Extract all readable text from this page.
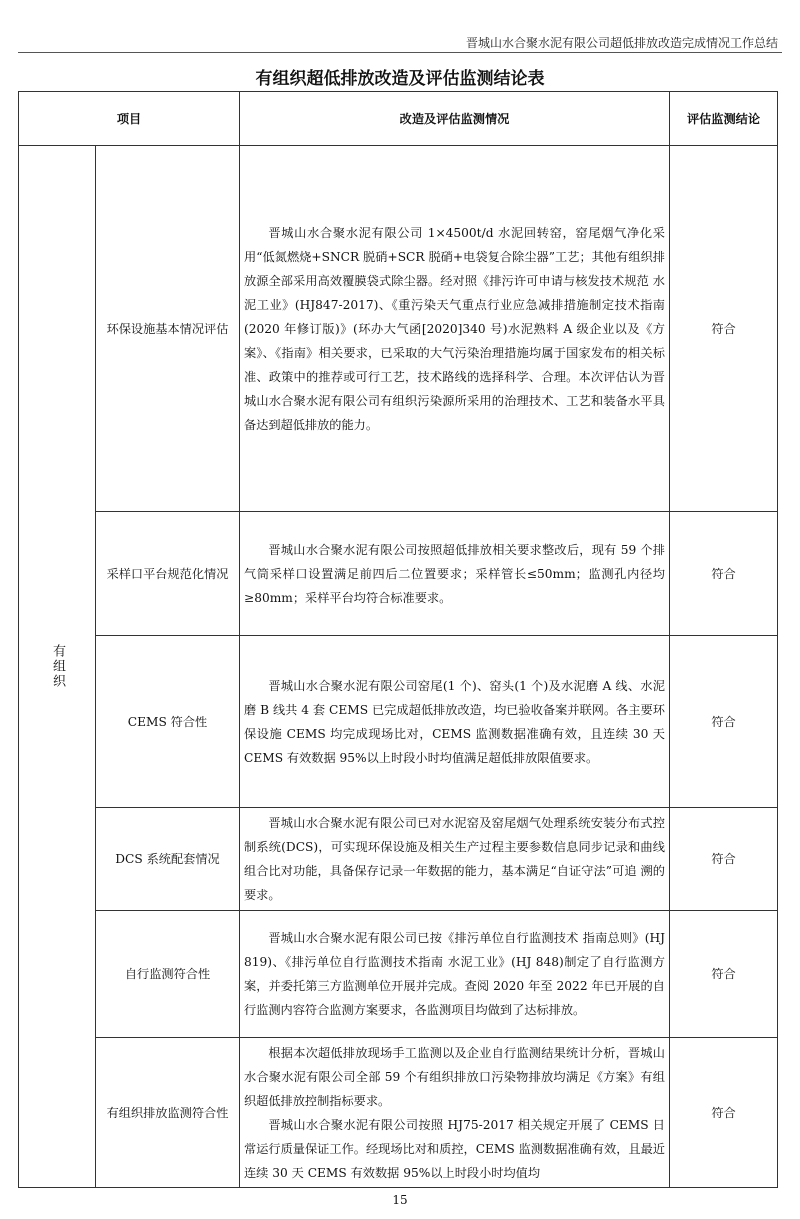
晋城山水合聚水泥有限公司超低排放改造完成情况工作总结
有组织超低排放改造及评估监测结论表
项目		改造及评估监测情况	评估监测结论

有组织	环保设施基本情况评估	晋城山水合聚水泥有限公司 1×4500t/d 水泥回转窑，窑尾烟气净化采用“低氮燃烧+SNCR 脱硝+SCR 脱硝+电袋复合除尘器”工艺；其他有组织排放源全部采用高效覆膜袋式除尘器。经对照《排污许可申请与核发技术规范 水泥工业》(HJ847-2017)、《重污染天气重点行业应急减排措施制定技术指南(2020 年修订版)》(环办大气函[2020]340 号)水泥熟料 A 级企业以及《方案》、《指南》相关要求，已采取的大气污染治理措施均属于国家发布的相关标准、政策中的推荐或可行工艺，技术路线的选择科学、合理。本次评估认为晋城山水合聚水泥有限公司有组织污染源所采用的治理技术、工艺和装备水平具备达到超低排放的能力。	符合
	采样口平台规范化情况	晋城山水合聚水泥有限公司按照超低排放相关要求整改后，现有 59 个排气筒采样口设置满足前四后二位置要求；采样管长≤50mm；监测孔内径均≥80mm；采样平台均符合标准要求。	符合
	CEMS 符合性	晋城山水合聚水泥有限公司窑尾(1 个)、窑头(1 个)及水泥磨 A 线、水泥磨 B 线共 4 套 CEMS 已完成超低排放改造，均已验收备案并联网。各主要环保设施 CEMS 均完成现场比对，CEMS 监测数据准确有效，且连续 30 天 CEMS 有效数据 95%以上时段小时均值满足超低排放限值要求。	符合
	DCS 系统配套情况	晋城山水合聚水泥有限公司已对水泥窑及窑尾烟气处理系统安装分布式控制系统(DCS)，可实现环保设施及相关生产过程主要参数信息同步记录和曲线组合比对功能，具备保存记录一年数据的能力，基本满足“自证守法”可追 溯的要求。	符合
	自行监测符合性	晋城山水合聚水泥有限公司已按《排污单位自行监测技术 指南总则》(HJ 819)、《排污单位自行监测技术指南 水泥工业》(HJ 848)制定了自行监测方案，并委托第三方监测单位开展并完成。查阅 2020 年至 2022 年已开展的自行监测内容符合监测方案要求，各监测项目均做到了达标排放。	符合
	有组织排放监测符合性	根据本次超低排放现场手工监测以及企业自行监测结果统计分析，晋城山水合聚水泥有限公司全部 59 个有组织排放口污染物排放均满足《方案》有组织超低排放控制指标要求。

晋城山水合聚水泥有限公司按照 HJ75-2017 相关规定开展了 CEMS 日常运行质量保证工作。经现场比对和质控，CEMS 监测数据准确有效，且最近连续 30 天 CEMS 有效数据 95%以上时段小时均值均	符合
15
